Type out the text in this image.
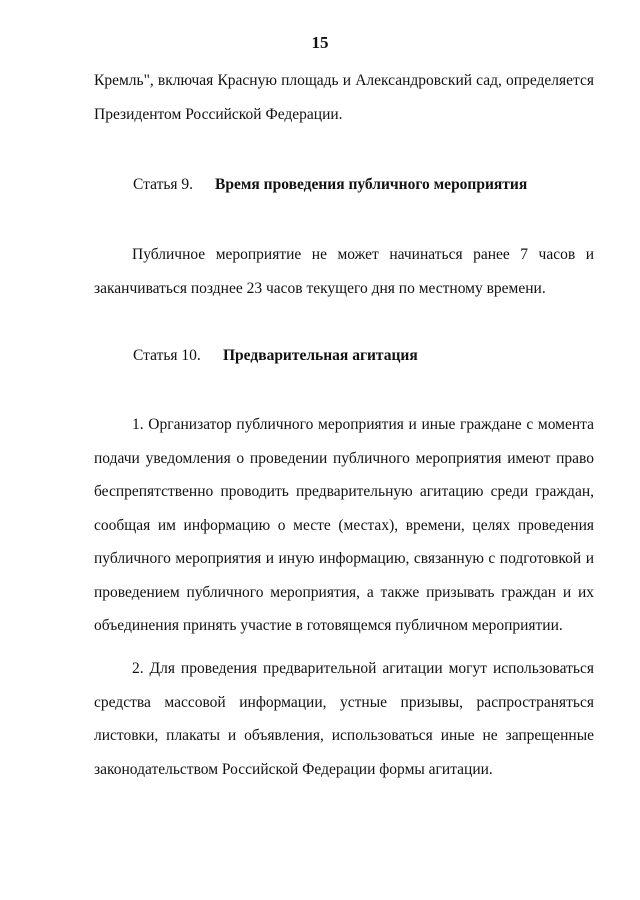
15
Кремль", включая Красную площадь и Александровский сад, определяется
Президентом Российской Федерации.
Статья 9. Время проведения публичного мероприятия
Публичное мероприятие не может начинаться ранее 7 часов и
заканчиваться позднее 23 часов текущего дня по местному времени.
Статья 10. Предварительная агитация
1. Организатор публичного мероприятия и иные граждане с момента
подачи уведомления о проведении публичного мероприятия имеют право
беспрепятственно проводить предварительную агитацию среди граждан,
сообщая им информацию о месте (местах), времени, целях проведения
публичного мероприятия и иную информацию, связанную с подготовкой и
проведением публичного мероприятия, а также призывать граждан и их
объединения принять участие в готовящемся публичном мероприятии.
2. Для проведения предварительной агитации могут использоваться
средства массовой информации, устные призывы, распространяться
листовки, плакаты и объявления, использоваться иные не запрещенные
законодательством Российской Федерации формы агитации.
